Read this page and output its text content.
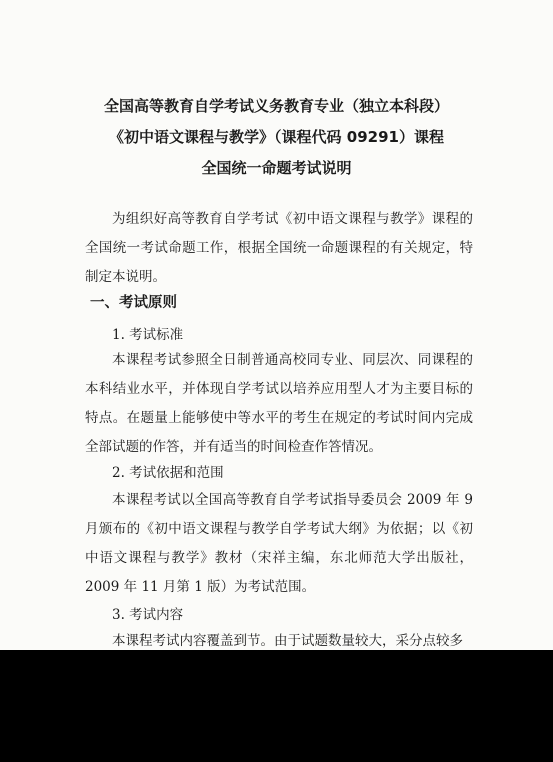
全国高等教育自学考试义务教育专业（独立本科段）
《初中语文课程与教学》（课程代码 09291）课程
全国统一命题考试说明

为组织好高等教育自学考试《初中语文课程与教学》课程的全国统一考试命题工作，根据全国统一命题课程的有关规定，特制定本说明。

一、考试原则
1. 考试标准

本课程考试参照全日制普通高校同专业、同层次、同课程的本科结业水平，并体现自学考试以培养应用型人才为主要目标的特点。在题量上能够使中等水平的考生在规定的考试时间内完成全部试题的作答，并有适当的时间检查作答情况。

2. 考试依据和范围

本课程考试以全国高等教育自学考试指导委员会 2009 年 9 月颁布的《初中语文课程与教学自学考试大纲》为依据；以《初中语文课程与教学》教材（宋祥主编，东北师范大学出版社，2009 年 11 月第 1 版）为考试范围。

3. 考试内容

本课程考试内容覆盖到节。由于试题数量较大，采分点较多
